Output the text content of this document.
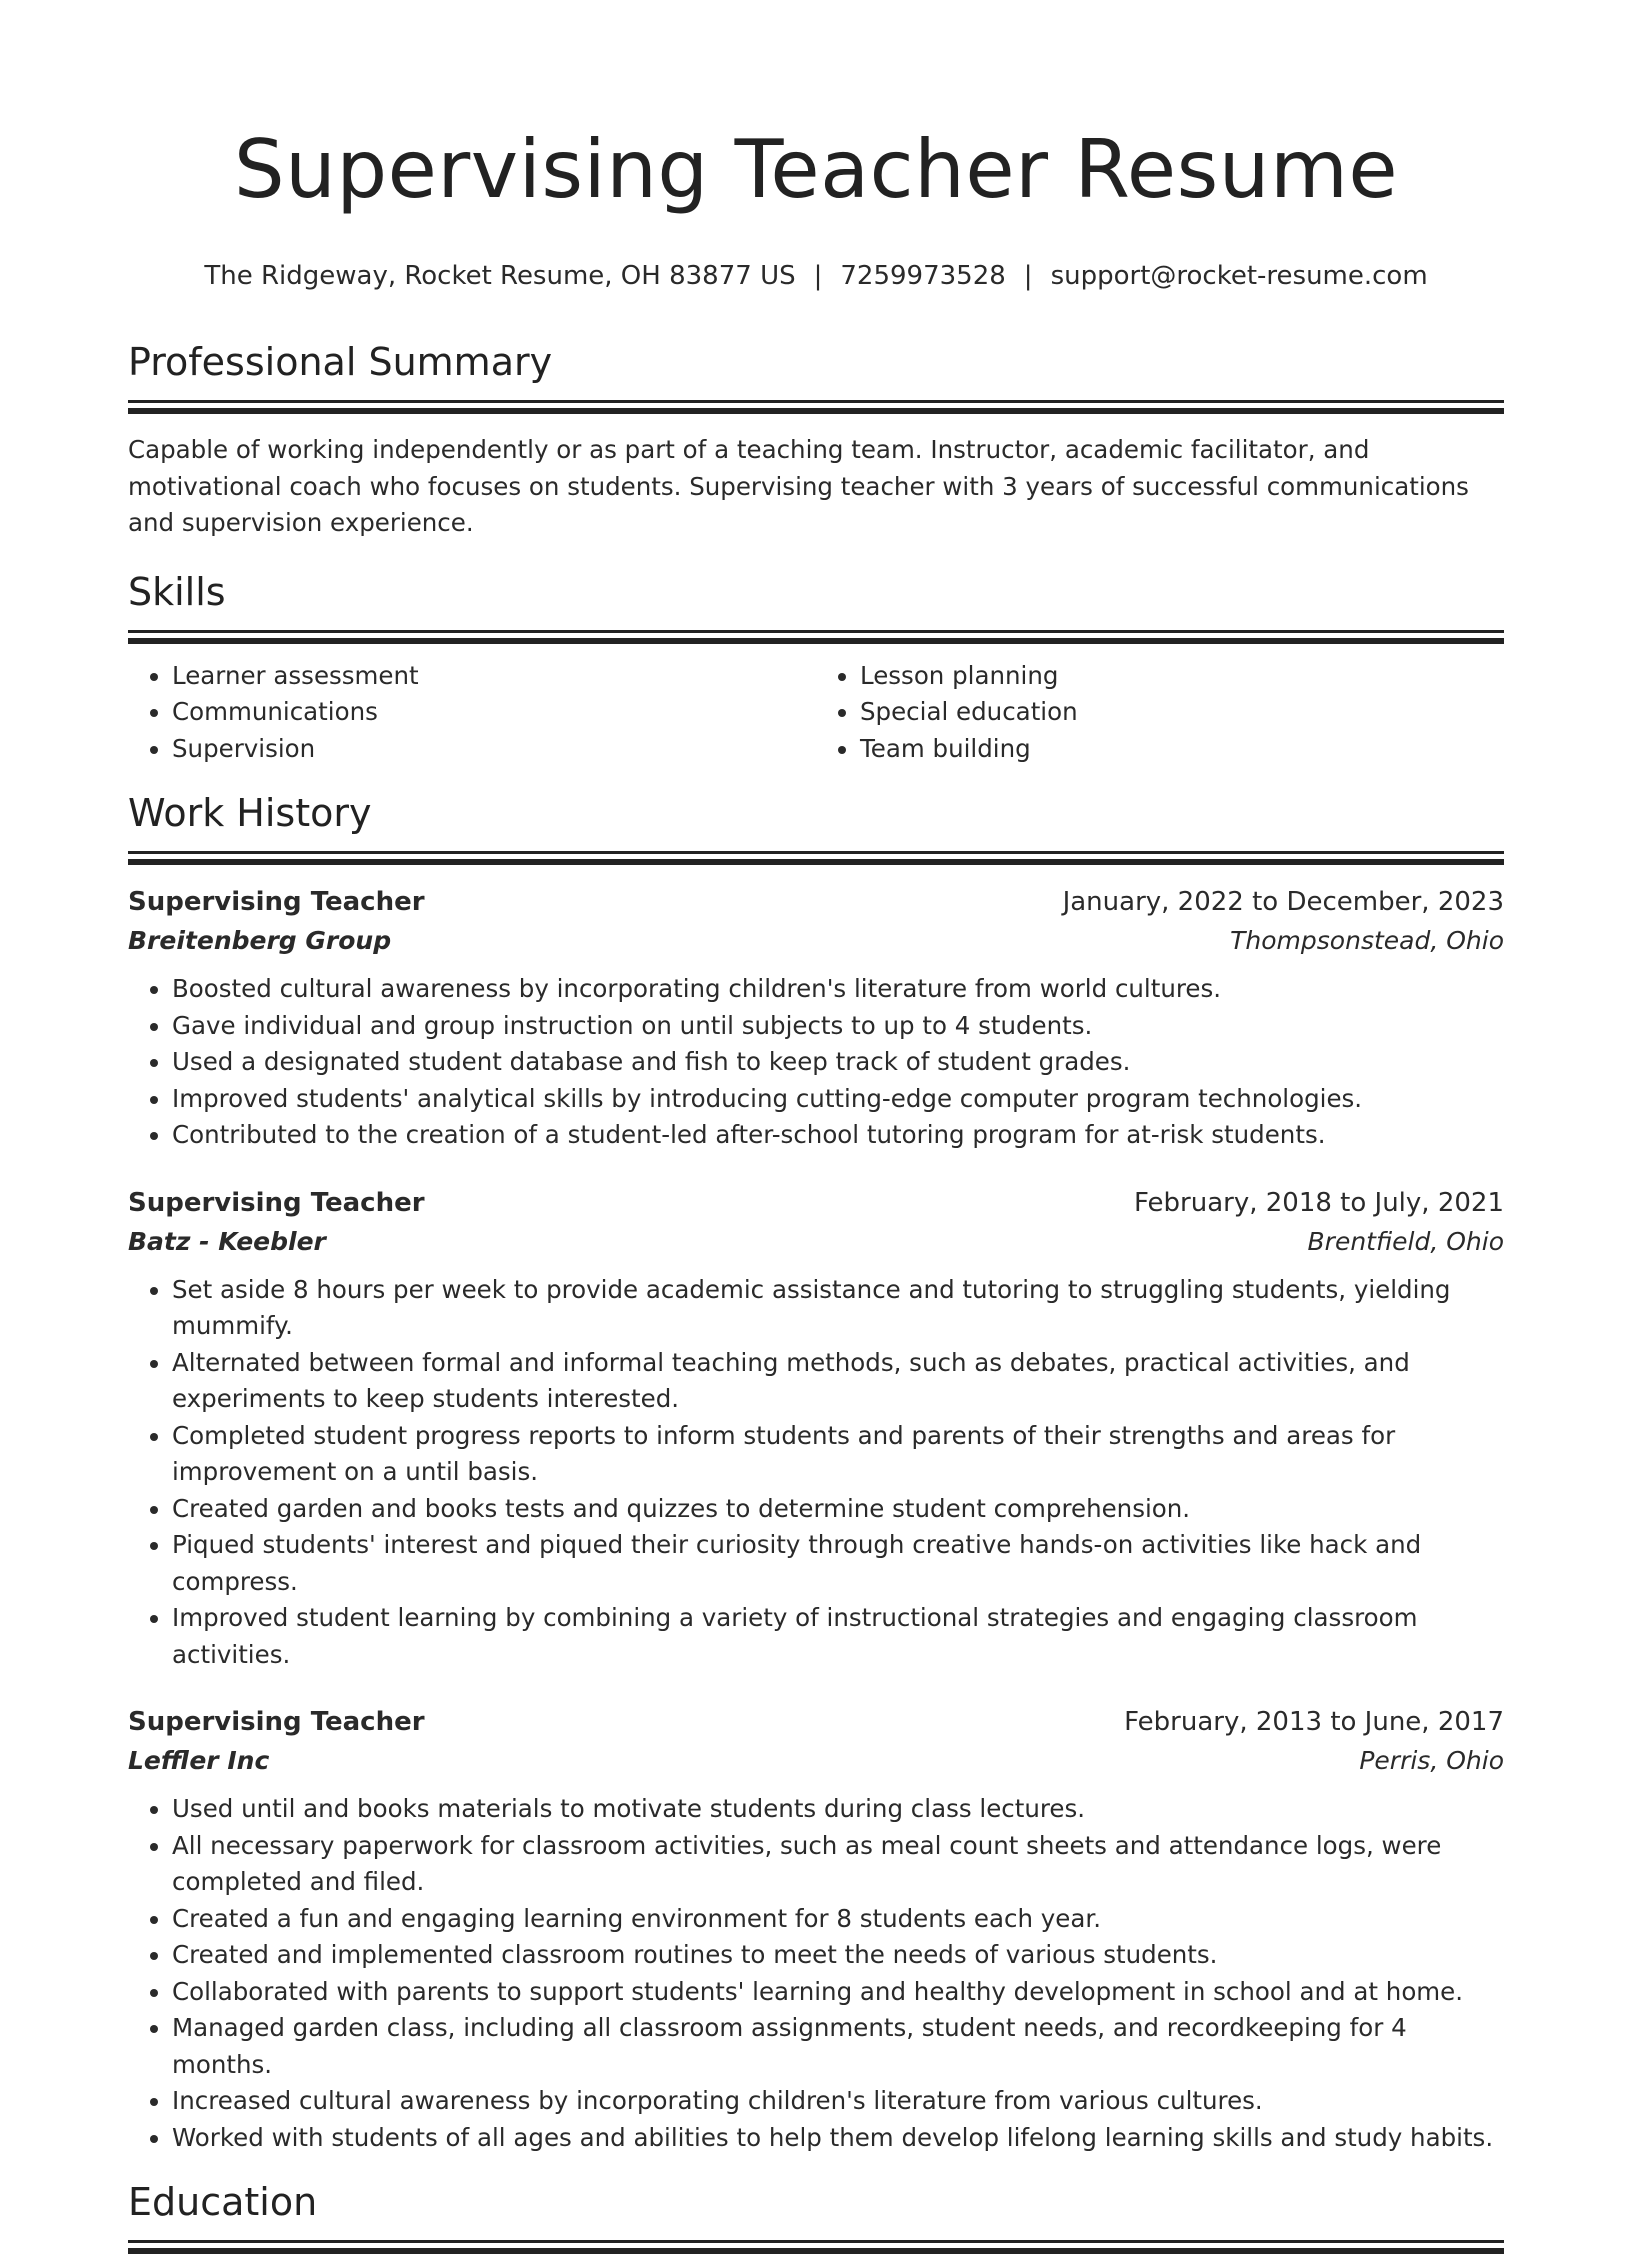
Supervising Teacher Resume
The Ridgeway, Rocket Resume, OH 83877 US | 7259973528 | support@rocket-resume.com
Professional Summary

Capable of working independently or as part of a teaching team. Instructor, academic facilitator, and motivational coach who focuses on students. Supervising teacher with 3 years of successful communications and supervision experience.

Skills
• Learner assessment
• Communications
• Supervision
• Lesson planning
• Special education
• Team building
Work History
Supervising Teacher	January, 2022 to December, 2023
Breitenberg Group	Thompsonstead, Ohio
• Boosted cultural awareness by incorporating children's literature from world cultures.
• Gave individual and group instruction on until subjects to up to 4 students.
• Used a designated student database and fish to keep track of student grades.
• Improved students' analytical skills by introducing cutting-edge computer program technologies.
• Contributed to the creation of a student-led after-school tutoring program for at-risk students.
Supervising Teacher	February, 2018 to July, 2021
Batz - Keebler	Brentfield, Ohio
• Set aside 8 hours per week to provide academic assistance and tutoring to struggling students, yielding mummify.
• Alternated between formal and informal teaching methods, such as debates, practical activities, and experiments to keep students interested.
• Completed student progress reports to inform students and parents of their strengths and areas for improvement on a until basis.
• Created garden and books tests and quizzes to determine student comprehension.
• Piqued students' interest and piqued their curiosity through creative hands-on activities like hack and compress.
• Improved student learning by combining a variety of instructional strategies and engaging classroom activities.
Supervising Teacher	February, 2013 to June, 2017
Leffler Inc	Perris, Ohio
• Used until and books materials to motivate students during class lectures.
• All necessary paperwork for classroom activities, such as meal count sheets and attendance logs, were completed and filed.
• Created a fun and engaging learning environment for 8 students each year.
• Created and implemented classroom routines to meet the needs of various students.
• Collaborated with parents to support students' learning and healthy development in school and at home.
• Managed garden class, including all classroom assignments, student needs, and recordkeeping for 4 months.
• Increased cultural awareness by incorporating children's literature from various cultures.
• Worked with students of all ages and abilities to help them develop lifelong learning skills and study habits.
Education
